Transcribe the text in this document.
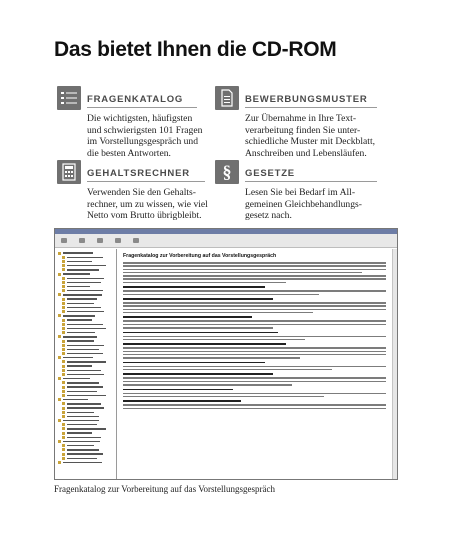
Das bietet Ihnen die CD-ROM
FRAGENKATALOG
Die wichtigsten, häufigsten
und schwierigsten 101 Fragen
im Vorstellungsgespräch und
die besten Antworten.
BEWERBUNGSMUSTER
Zur Übernahme in Ihre Text-
verarbeitung finden Sie unter-
schiedliche Muster mit Deckblatt,
Anschreiben und Lebensläufen.
GEHALTSRECHNER
Verwenden Sie den Gehalts-
rechner, um zu wissen, wie viel
Netto vom Brutto übrigbleibt.
§ GESETZE
Lesen Sie bei Bedarf im All-
gemeinen Gleichbehandlungs-
gesetz nach.
Fragenkatalog zur Vorbereitung auf das Vorstellungsgespräch
Fragenkatalog zur Vorbereitung auf das Vorstellungsgespräch
